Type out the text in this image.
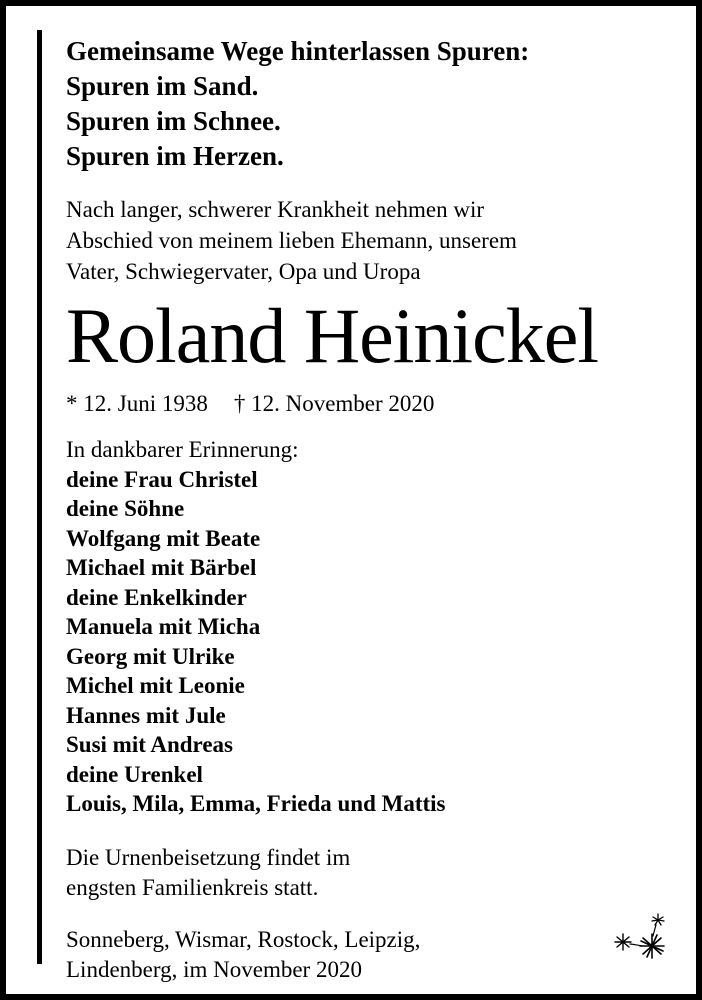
Gemeinsame Wege hinterlassen Spuren:
Spuren im Sand.
Spuren im Schnee.
Spuren im Herzen.
Nach langer, schwerer Krankheit nehmen wir
Abschied von meinem lieben Ehemann, unserem
Vater, Schwiegervater, Opa und Uropa
Roland Heinickel
* 12. Juni 1938 † 12. November 2020
In dankbarer Erinnerung:
deine Frau Christel
deine Söhne
Wolfgang mit Beate
Michael mit Bärbel
deine Enkelkinder
Manuela mit Micha
Georg mit Ulrike
Michel mit Leonie
Hannes mit Jule
Susi mit Andreas
deine Urenkel
Louis, Mila, Emma, Frieda und Mattis
Die Urnenbeisetzung findet im
engsten Familienkreis statt.
Sonneberg, Wismar, Rostock, Leipzig,
Lindenberg, im November 2020
